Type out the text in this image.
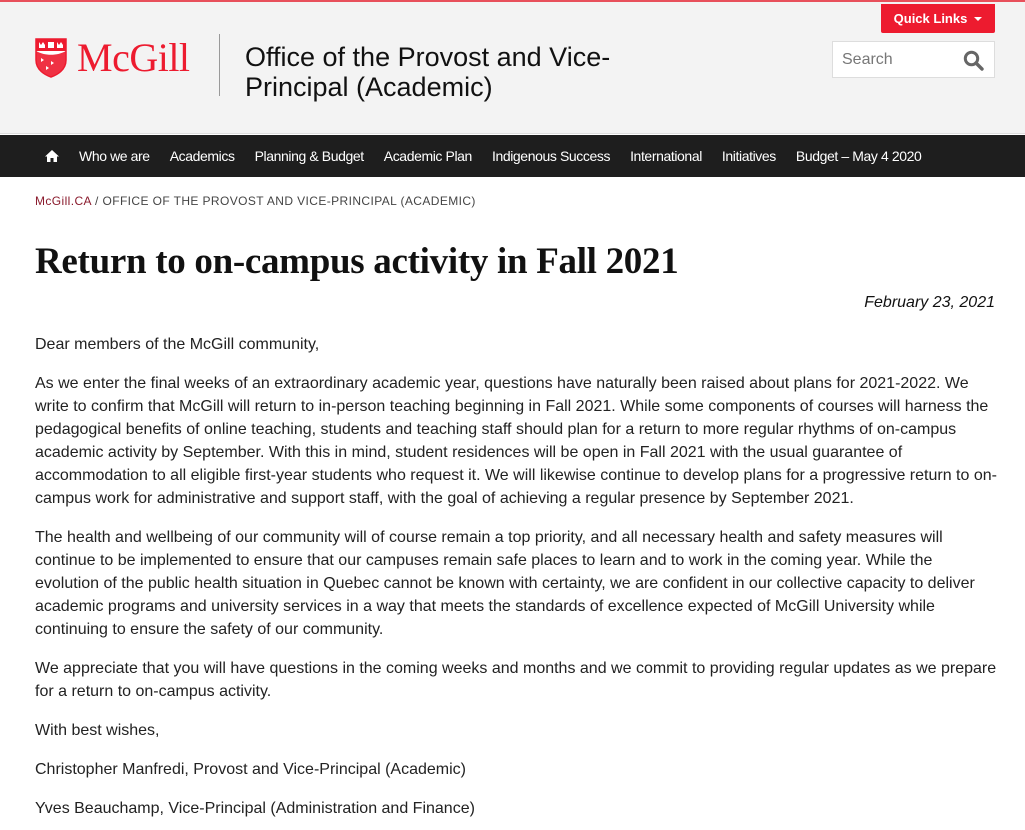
McGill Office of the Provost and Vice-
Principal (Academic)
Quick Links
Search
Who we are Academics Planning & Budget Academic Plan Indigenous Success International Initiatives Budget – May 4 2020
McGill.CA / OFFICE OF THE PROVOST AND VICE-PRINCIPAL (ACADEMIC)
Return to on-campus activity in Fall 2021
February 23, 2021

Dear members of the McGill community,

As we enter the final weeks of an extraordinary academic year, questions have naturally been raised about plans for 2021-2022. We write to confirm that McGill will return to in-person teaching beginning in Fall 2021. While some components of courses will harness the pedagogical benefits of online teaching, students and teaching staff should plan for a return to more regular rhythms of on-campus academic activity by September. With this in mind, student residences will be open in Fall 2021 with the usual guarantee of accommodation to all eligible first-year students who request it. We will likewise continue to develop plans for a progressive return to on-campus work for administrative and support staff, with the goal of achieving a regular presence by September 2021.

The health and wellbeing of our community will of course remain a top priority, and all necessary health and safety measures will continue to be implemented to ensure that our campuses remain safe places to learn and to work in the coming year. While the evolution of the public health situation in Quebec cannot be known with certainty, we are confident in our collective capacity to deliver academic programs and university services in a way that meets the standards of excellence expected of McGill University while continuing to ensure the safety of our community.

We appreciate that you will have questions in the coming weeks and months and we commit to providing regular updates as we prepare for a return to on-campus activity.

With best wishes,

Christopher Manfredi, Provost and Vice-Principal (Academic)

Yves Beauchamp, Vice-Principal (Administration and Finance)
